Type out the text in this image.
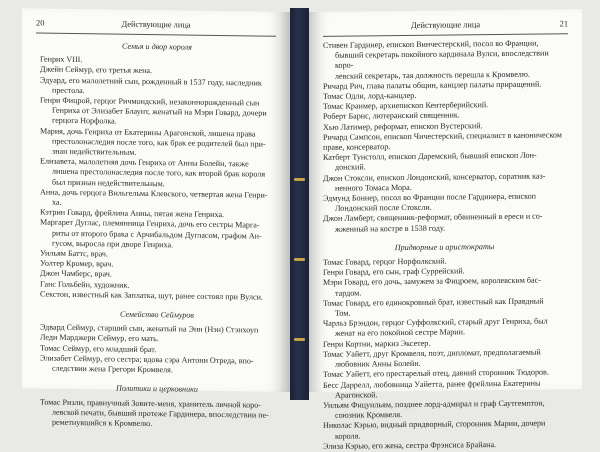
20	Действующие лица
Семья и двор короля
Генрих VIII.
Джейн Сеймур, его третья жена.
Эдуард, его малолетний сын, рожденный в 1537 году, наследник
престола.
Генри Фицрой, герцог Ричмондский, незаконнорожденный сын
Генриха от Элизабет Блаунт, женатый на Мэри Говард, дочери
герцога Норфолка.
Мария, дочь Генриха от Екатерины Арагонской, лишена права
престолонаследия после того, как брак ее родителей был при-
знан недействительным.
Елизавета, малолетняя дочь Генриха от Анны Болейн, также
лишена престолонаследия после того, как второй брак короля
был признан недействительным.
Анна, дочь герцога Вильгельма Клевского, четвертая жена Генри-
ха.
Кэтрин Говард, фрейлина Анны, пятая жена Генриха.
Маргарет Дуглас, племянница Генриха, дочь его сестры Марга-
риты от второго брака с Арчибальдом Дугласом, графом Ан-
гусом, выросла при дворе Генриха.
Уильям Баттс, врач.
Уолтер Кромер, врач.
Джон Чамберс, врач.
Ганс Гольбейн, художник.
Секстон, известный как Заплатка, шут, ранее состоял при Вулси.
Семейство Сеймуров
Эдвард Сеймур, старший сын, женатый на Энн (Нэн) Стэнхоуп
Леди Марджери Сеймур, его мать.
Томас Сеймур, его младший брат.
Элизабет Сеймур, его сестра; вдова сэра Антони Отреда, впо-
следствии жена Грегори Кромвеля.
Политики и церковники
Томас Ризли, правнучный Зовите-меня, хранитель личной коро-
левской печати, бывший протеже Гардинера, впоследствии пе-
реметнувшийся к Кромвелю.
Действующие лица	21
Стивен Гардинер, епископ Винчестерский, посол во Франции,
бывший секретарь покойного кардинала Вулси, впоследствии коро-
левский секретарь, тая должность перешла к Кромвелю.
Ричард Рич, глава палаты общин, канцлер палаты приращений.
Томас Одли, лорд-канцлер.
Томас Кранмер, архиепископ Кентерберийский.
Роберт Барнс, лютеранский священник.
Хью Латимер, реформат, епископ Вустерский.
Ричард Сампсон, епископ Чичестерский, специалист в каноническом праве, консерватор.
Катберт Тунстолл, епископ Даремский, бывший епископ Лон-
донский.
Джон Стоксли, епископ Лондонский, консерватор, соратник каз-
ненного Томаса Мора.
Эдмунд Боннер, посол во Франции после Гардинера, епископ
Лондонский после Стоксли.
Джон Ламберт, священник-реформат, обвиненный в ереси и со-
жженный на костре в 1538 году.
Придворные и аристократы
Томас Говард, герцог Норфолкский.
Генри Говард, его сын, граф Суррейский.
Мэри Говард, его дочь, замужем за Фицроем, королевским бас-
тардом.
Томас Говард, его единокровный брат, известный как Правдный
Том.
Чарльз Брэндон, герцог Суффолкский, старый друг Генриха, был
женат на его покойной сестре Марии.
Генри Кортни, маркиз Эксетер.
Томас Уайетт, друг Кромвеля, поэт, дипломат, предполагаемый
любовник Анны Болейн.
Томас Уайетт, его престарелый отец, давний сторонник Тюдоров.
Бесс Даррелл, любовница Уайетта, ранее фрейлина Екатерины
Арагонской.
Уильям Фицуильям, позднее лорд-адмирал и граф Саутгемптон,
союзник Кромвеля.
Николас Кэрью, видный придворный, сторонник Марии, дочери
короля.
Элиза Кэрью, его жена, сестра Фрэнсиса Брайана.
